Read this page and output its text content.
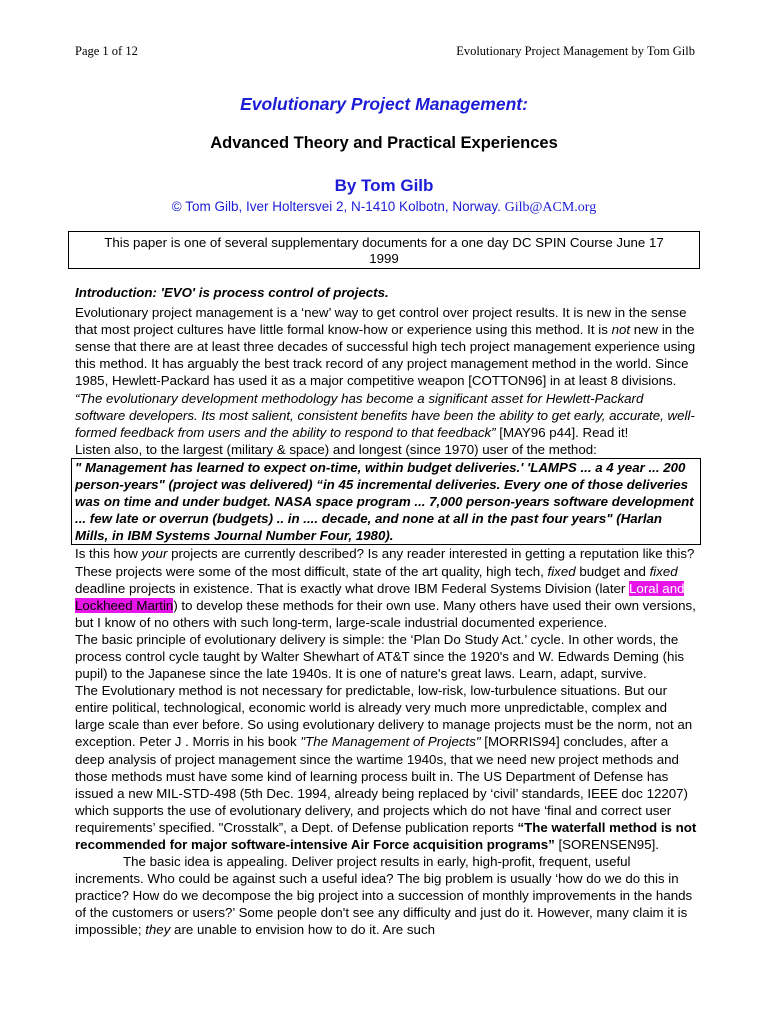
Page 1 of 12	Evolutionary Project Management by Tom Gilb
Evolutionary Project Management:
Advanced Theory and Practical Experiences
By Tom Gilb
© Tom Gilb, Iver Holtersvei 2, N-1410 Kolbotn, Norway. Gilb@ACM.org
This paper is one of several supplementary documents for a one day DC SPIN Course June 17 1999

Introduction: 'EVO' is process control of projects.

Evolutionary project management is a ‘new’ way to get control over project results. It is new in the sense that most project cultures have little formal know-how or experience using this method. It is not new in the sense that there are at least three decades of successful high tech project management experience using this method. It has arguably the best track record of any project management method in the world. Since 1985, Hewlett-Packard has used it as a major competitive weapon [COTTON96] in at least 8 divisions. “The evolutionary development methodology has become a significant asset for Hewlett-Packard software developers. Its most salient, consistent benefits have been the ability to get early, accurate, well-formed feedback from users and the ability to respond to that feedback” [MAY96 p44]. Read it!

Listen also, to the largest (military & space) and longest (since 1970) user of the method:

" Management has learned to expect on-time, within budget deliveries.' 'LAMPS ... a 4 year ... 200 person-years" (project was delivered) “in 45 incremental deliveries. Every one of those deliveries was on time and under budget. NASA space program ... 7,000 person-years software development ... few late or overrun (budgets) .. in .... decade, and none at all in the past four years" (Harlan Mills, in IBM Systems Journal Number Four, 1980).

Is this how your projects are currently described? Is any reader interested in getting a reputation like this? These projects were some of the most difficult, state of the art quality, high tech, fixed budget and fixed deadline projects in existence. That is exactly what drove IBM Federal Systems Division (later Loral and Lockheed Martin) to develop these methods for their own use. Many others have used their own versions, but I know of no others with such long-term, large-scale industrial documented experience.

The basic principle of evolutionary delivery is simple: the ‘Plan Do Study Act.’ cycle. In other words, the process control cycle taught by Walter Shewhart of AT&T since the 1920's and W. Edwards Deming (his pupil) to the Japanese since the late 1940s. It is one of nature's great laws. Learn, adapt, survive.

The Evolutionary method is not necessary for predictable, low-risk, low-turbulence situations. But our entire political, technological, economic world is already very much more unpredictable, complex and large scale than ever before. So using evolutionary delivery to manage projects must be the norm, not an exception. Peter J . Morris in his book "The Management of Projects" [MORRIS94] concludes, after a deep analysis of project management since the wartime 1940s, that we need new project methods and those methods must have some kind of learning process built in. The US Department of Defense has issued a new MIL-STD-498 (5th Dec. 1994, already being replaced by ‘civil’ standards, IEEE doc 12207) which supports the use of evolutionary delivery, and projects which do not have ‘final and correct user requirements’ specified. "Crosstalk”, a Dept. of Defense publication reports “The waterfall method is not recommended for major software-intensive Air Force acquisition programs” [SORENSEN95].

The basic idea is appealing. Deliver project results in early, high-profit, frequent, useful increments. Who could be against such a useful idea? The big problem is usually ‘how do we do this in practice? How do we decompose the big project into a succession of monthly improvements in the hands of the customers or users?’ Some people don't see any difficulty and just do it. However, many claim it is impossible; they are unable to envision how to do it. Are such
